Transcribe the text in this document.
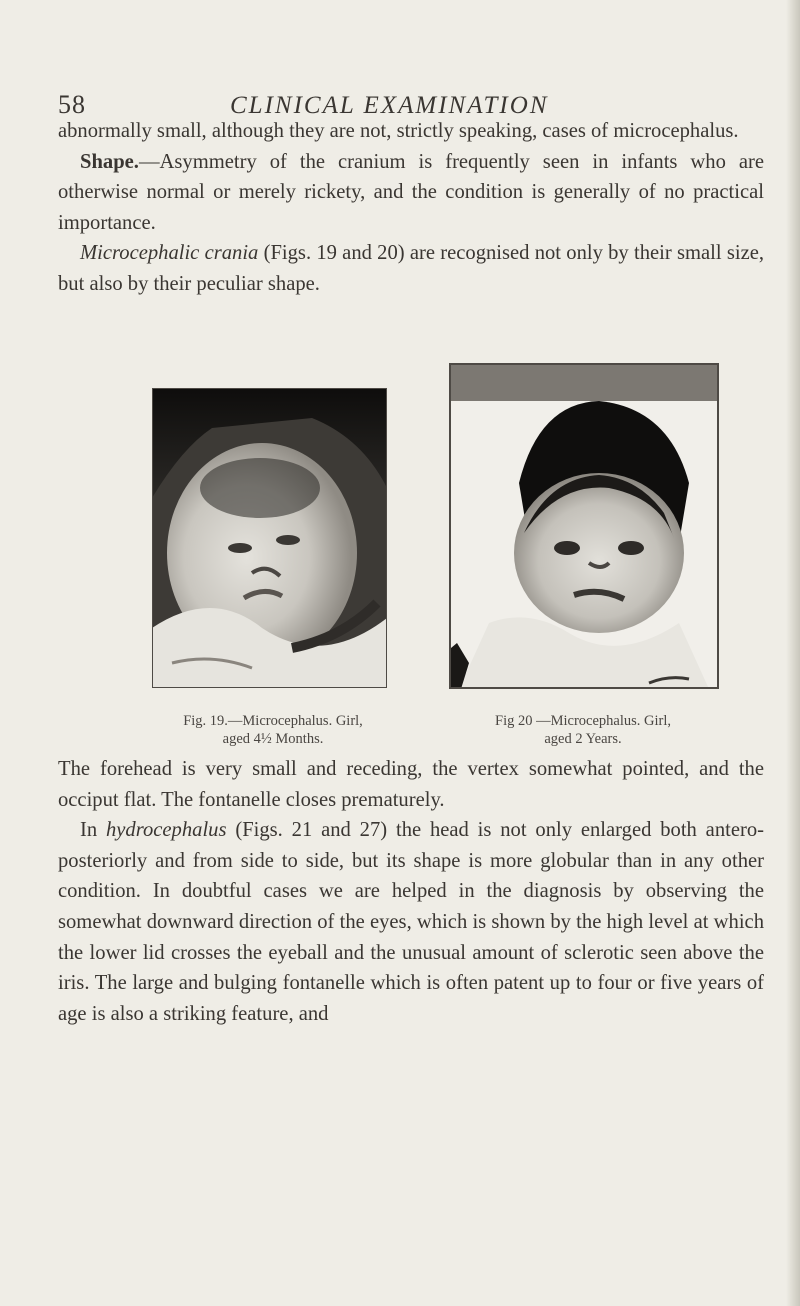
58	CLINICAL EXAMINATION

abnormally small, although they are not, strictly speaking, cases of microcephalus.

Shape.—Asymmetry of the cranium is frequently seen in infants who are otherwise normal or merely rickety, and the condition is generally of no practical importance.

Microcephalic crania (Figs. 19 and 20) are recognised not only by their small size, but also by their peculiar shape.

Fig. 19.—Microcephalus. Girl,
aged 4½ Months.
Fig 20 —Microcephalus. Girl,
aged 2 Years.

The forehead is very small and receding, the vertex somewhat pointed, and the occiput flat. The fontanelle closes prematurely.

In hydrocephalus (Figs. 21 and 27) the head is not only enlarged both antero-posteriorly and from side to side, but its shape is more globular than in any other condition. In doubtful cases we are helped in the diagnosis by observing the somewhat downward direction of the eyes, which is shown by the high level at which the lower lid crosses the eyeball and the unusual amount of sclerotic seen above the iris. The large and bulging fontanelle which is often patent up to four or five years of age is also a striking feature, and
